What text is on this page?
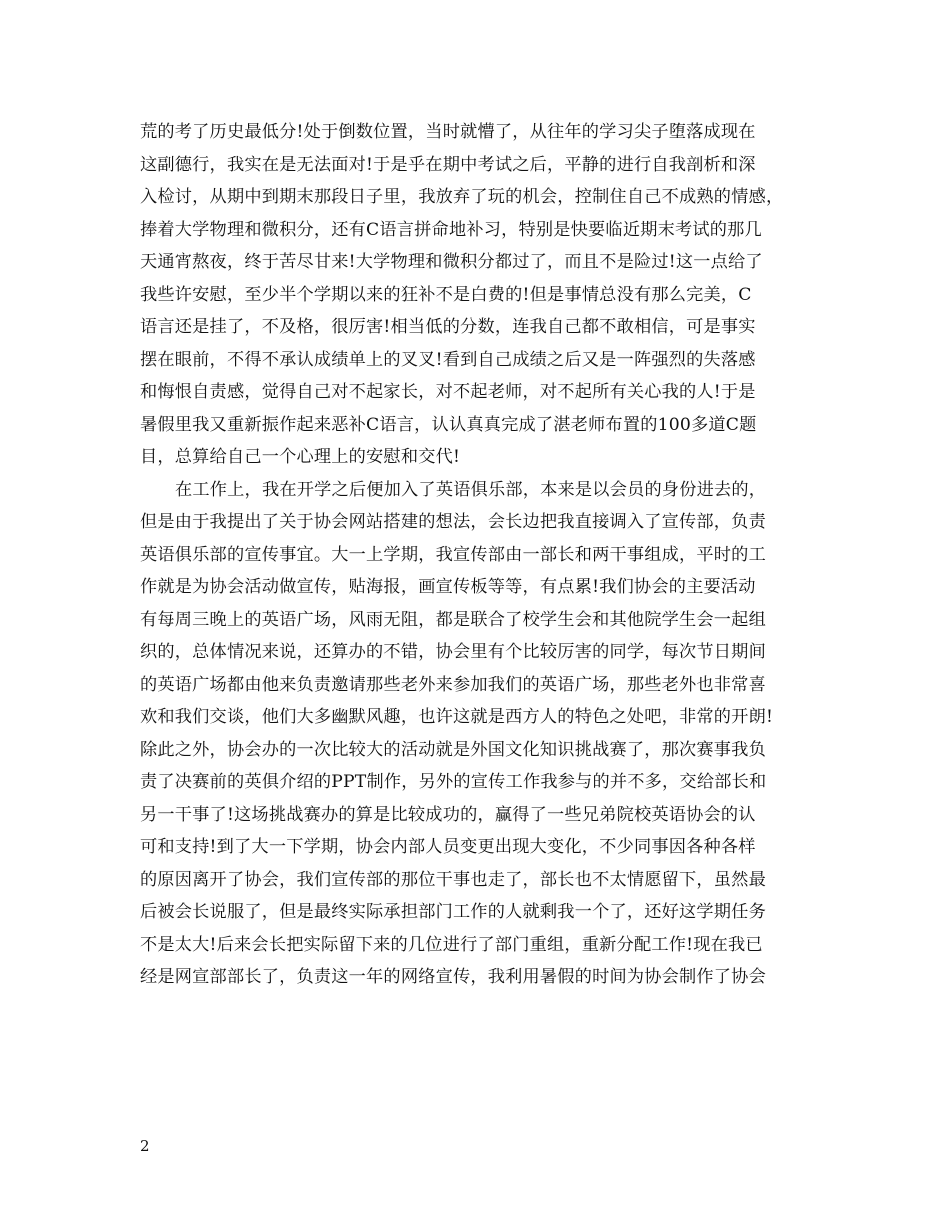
荒的考了历史最低分!处于倒数位置，当时就懵了，从往年的学习尖子堕落成现在
这副德行，我实在是无法面对!于是乎在期中考试之后，平静的进行自我剖析和深
入检讨，从期中到期末那段日子里，我放弃了玩的机会，控制住自己不成熟的情感，
捧着大学物理和微积分，还有C语言拼命地补习，特别是快要临近期末考试的那几
天通宵熬夜，终于苦尽甘来!大学物理和微积分都过了，而且不是险过!这一点给了
我些许安慰，至少半个学期以来的狂补不是白费的!但是事情总没有那么完美，C
语言还是挂了，不及格，很厉害!相当低的分数，连我自己都不敢相信，可是事实
摆在眼前，不得不承认成绩单上的叉叉!看到自己成绩之后又是一阵强烈的失落感
和悔恨自责感，觉得自己对不起家长，对不起老师，对不起所有关心我的人!于是
暑假里我又重新振作起来恶补C语言，认认真真完成了湛老师布置的100多道C题
目，总算给自己一个心理上的安慰和交代!
在工作上，我在开学之后便加入了英语俱乐部，本来是以会员的身份进去的，
但是由于我提出了关于协会网站搭建的想法，会长边把我直接调入了宣传部，负责
英语俱乐部的宣传事宜。大一上学期，我宣传部由一部长和两干事组成，平时的工
作就是为协会活动做宣传，贴海报，画宣传板等等，有点累!我们协会的主要活动
有每周三晚上的英语广场，风雨无阻，都是联合了校学生会和其他院学生会一起组
织的，总体情况来说，还算办的不错，协会里有个比较厉害的同学，每次节日期间
的英语广场都由他来负责邀请那些老外来参加我们的英语广场，那些老外也非常喜
欢和我们交谈，他们大多幽默风趣，也许这就是西方人的特色之处吧，非常的开朗!
除此之外，协会办的一次比较大的活动就是外国文化知识挑战赛了，那次赛事我负
责了决赛前的英俱介绍的PPT制作，另外的宣传工作我参与的并不多，交给部长和
另一干事了!这场挑战赛办的算是比较成功的，赢得了一些兄弟院校英语协会的认
可和支持!到了大一下学期，协会内部人员变更出现大变化，不少同事因各种各样
的原因离开了协会，我们宣传部的那位干事也走了，部长也不太情愿留下，虽然最
后被会长说服了，但是最终实际承担部门工作的人就剩我一个了，还好这学期任务
不是太大!后来会长把实际留下来的几位进行了部门重组，重新分配工作!现在我已
经是网宣部部长了，负责这一年的网络宣传，我利用暑假的时间为协会制作了协会
2
